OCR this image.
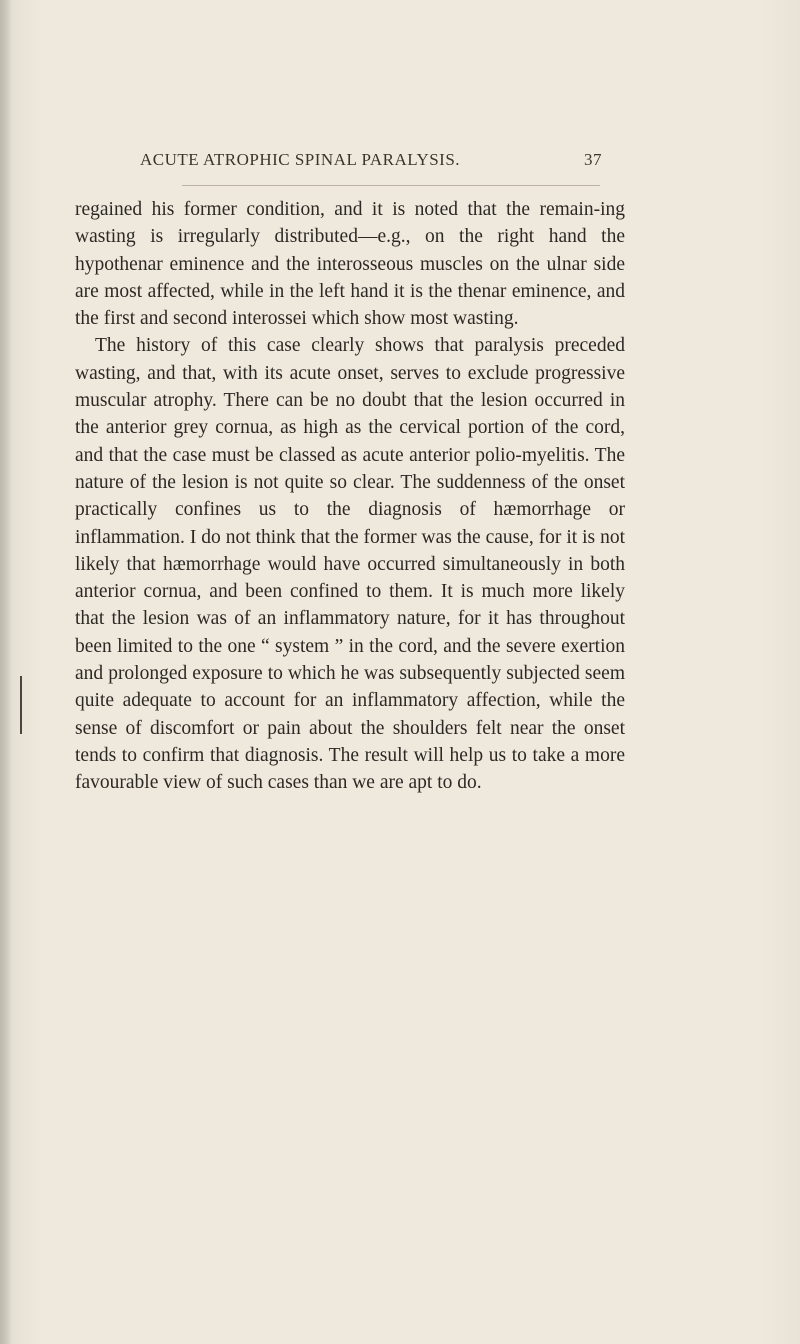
ACUTE ATROPHIC SPINAL PARALYSIS.	37

regained his former condition, and it is noted that the remain-ing wasting is irregularly distributed—e.g., on the right hand the hypothenar eminence and the interosseous muscles on the ulnar side are most affected, while in the left hand it is the thenar eminence, and the first and second interossei which show most wasting.

The history of this case clearly shows that paralysis preceded wasting, and that, with its acute onset, serves to exclude progressive muscular atrophy. There can be no doubt that the lesion occurred in the anterior grey cornua, as high as the cervical portion of the cord, and that the case must be classed as acute anterior polio-myelitis. The nature of the lesion is not quite so clear. The suddenness of the onset practically confines us to the diagnosis of hæmorrhage or inflammation. I do not think that the former was the cause, for it is not likely that hæmorrhage would have occurred simultaneously in both anterior cornua, and been confined to them. It is much more likely that the lesion was of an inflammatory nature, for it has throughout been limited to the one “ system ” in the cord, and the severe exertion and prolonged exposure to which he was subsequently subjected seem quite adequate to account for an inflammatory affection, while the sense of discomfort or pain about the shoulders felt near the onset tends to confirm that diagnosis. The result will help us to take a more favourable view of such cases than we are apt to do.
